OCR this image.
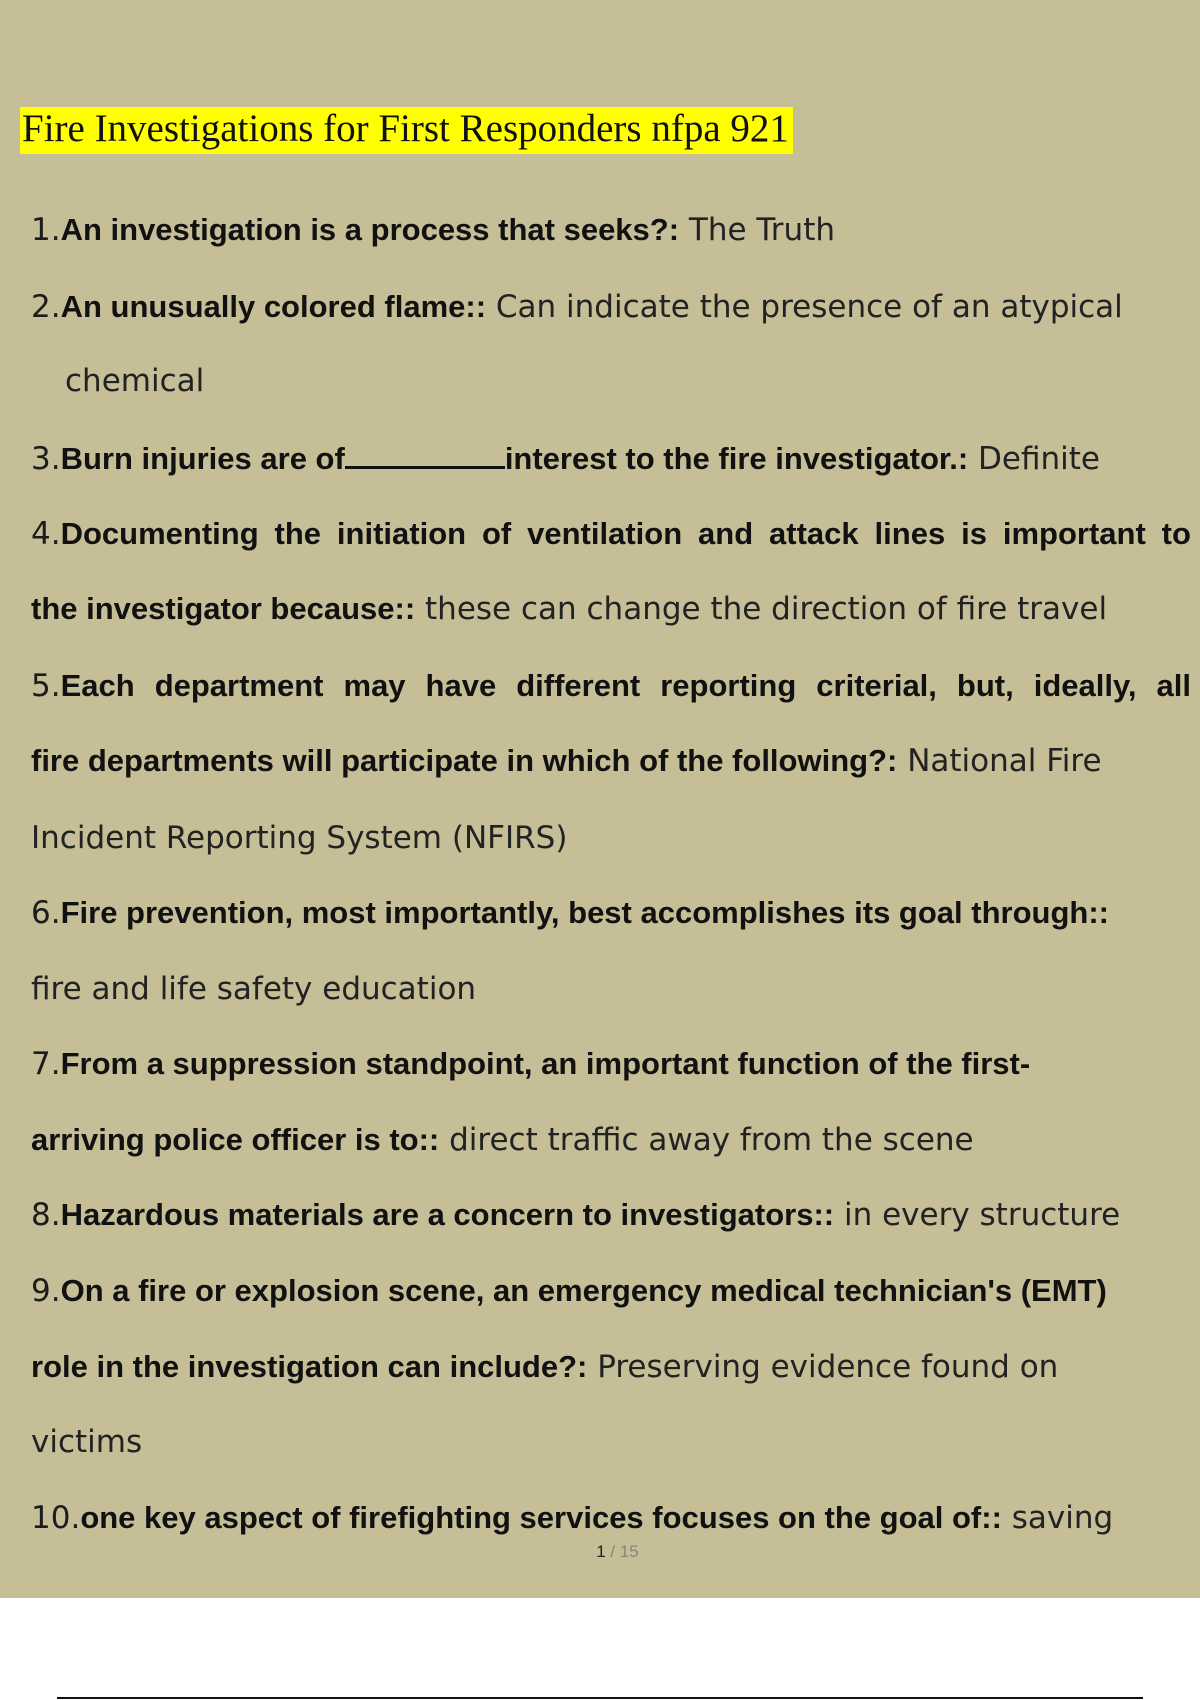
Fire Investigations for First Responders nfpa 921
1.An investigation is a process that seeks?: The Truth
2.An unusually colored flame:: Can indicate the presence of an atypical
chemical
3.Burn injuries are of	interest to the fire investigator.: Definite
4.Documenting the initiation of ventilation and attack lines is important to
the investigator because:: these can change the direction of fire travel
5.Each department may have different reporting criterial, but, ideally, all
fire departments will participate in which of the following?: National Fire
Incident Reporting System (NFIRS)
6.Fire prevention, most importantly, best accomplishes its goal through::
fire and life safety education
7.From a suppression standpoint, an important function of the first-
arriving police officer is to:: direct traffic away from the scene
8.Hazardous materials are a concern to investigators:: in every structure
9.On a fire or explosion scene, an emergency medical technician's (EMT)
role in the investigation can include?: Preserving evidence found on
victims
10.one key aspect of firefighting services focuses on the goal of:: saving
1 / 15
